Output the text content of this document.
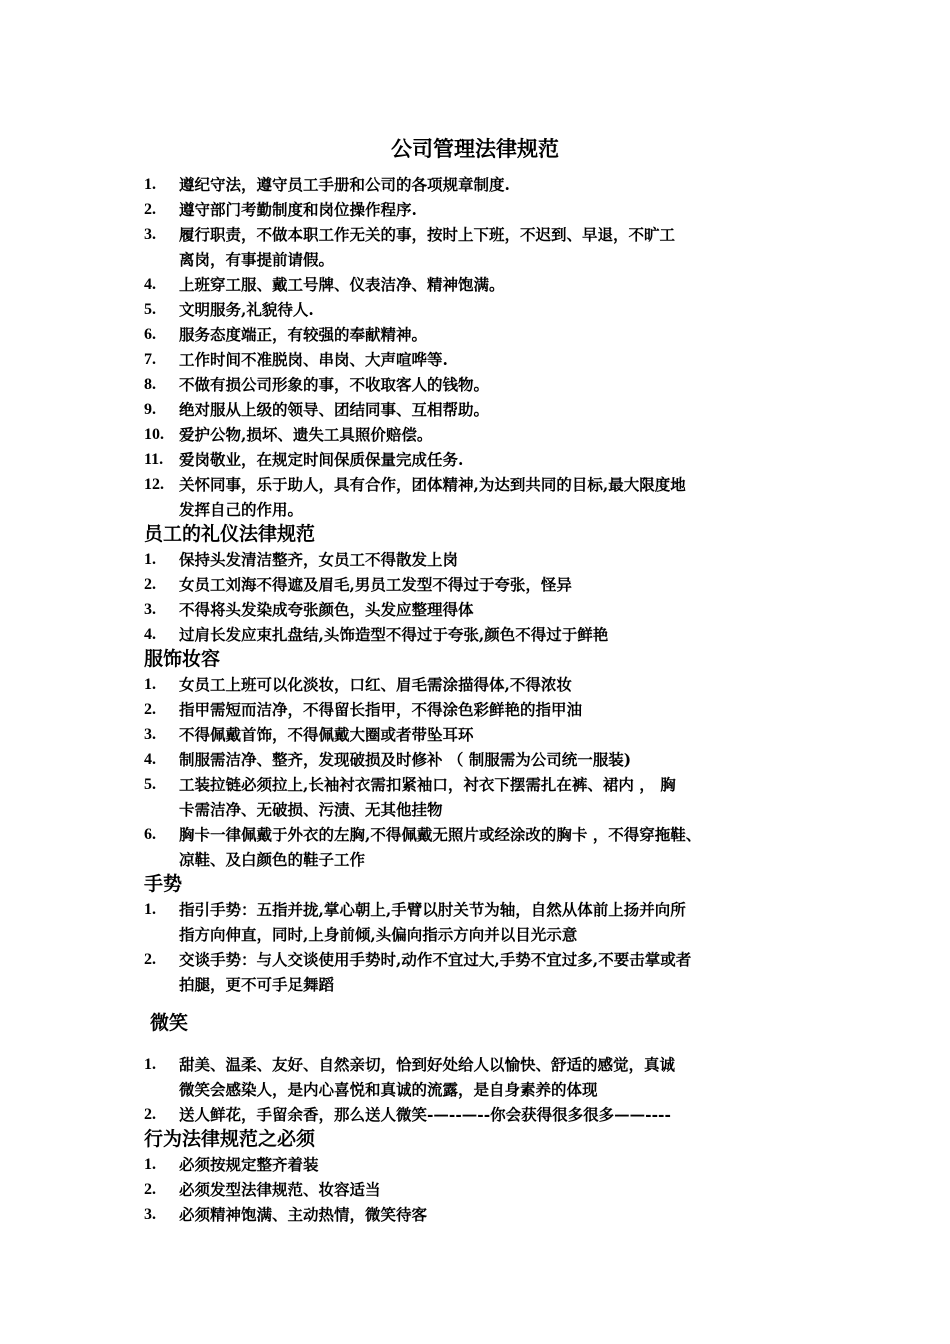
公司管理法律规范
1.	遵纪守法，遵守员工手册和公司的各项规章制度.
2.	遵守部门考勤制度和岗位操作程序.
3.	履行职责，不做本职工作无关的事，按时上下班，不迟到、早退，不旷工
离岗，有事提前请假。
4.	上班穿工服、戴工号牌、仪表洁净、精神饱满。
5.	文明服务,礼貌待人.
6.	服务态度端正，有较强的奉献精神。
7.	工作时间不准脱岗、串岗、大声喧哗等.
8.	不做有损公司形象的事，不收取客人的钱物。
9.	绝对服从上级的领导、团结同事、互相帮助。
10. 爱护公物,损坏、遗失工具照价赔偿。
11.	爱岗敬业，在规定时间保质保量完成任务.
12. 关怀同事，乐于助人，具有合作，团体精神,为达到共同的目标,最大限度地
发挥自己的作用。
员工的礼仪法律规范
1.	保持头发清洁整齐，女员工不得散发上岗
2.	女员工刘海不得遮及眉毛,男员工发型不得过于夸张，怪异
3.	不得将头发染成夸张颜色，头发应整理得体
4.	过肩长发应束扎盘结,头饰造型不得过于夸张,颜色不得过于鲜艳
服饰妆容
1.	女员工上班可以化淡妆，口红、眉毛需涂描得体,不得浓妆
2.	指甲需短而洁净，不得留长指甲，不得涂色彩鲜艳的指甲油
3.	不得佩戴首饰，不得佩戴大圈或者带坠耳环
4.	制服需洁净、整齐，发现破损及时修补 （ 制服需为公司统一服装)
5.	工装拉链必须拉上,长袖衬衣需扣紧袖口，衬衣下摆需扎在裤、裙内 ， 胸
卡需洁净、无破损、污渍、无其他挂物
6.	胸卡一律佩戴于外衣的左胸,不得佩戴无照片或经涂改的胸卡 ，不得穿拖鞋、
凉鞋、及白颜色的鞋子工作
手势
1.	指引手势：五指并拢,掌心朝上,手臂以肘关节为轴，自然从体前上扬并向所
指方向伸直，同时,上身前倾,头偏向指示方向并以目光示意
2.	交谈手势：与人交谈使用手势时,动作不宜过大,手势不宜过多,不要击掌或者
拍腿，更不可手足舞蹈
微笑
1.	甜美、温柔、友好、自然亲切，恰到好处给人以愉快、舒适的感觉，真诚
微笑会感染人，是内心喜悦和真诚的流露，是自身素养的体现
2.	送人鲜花，手留余香，那么送人微笑-—--—--你会获得很多很多——----
行为法律规范之必须
1.	必须按规定整齐着装
2.	必须发型法律规范、妆容适当
3.	必须精神饱满、主动热情，微笑待客
